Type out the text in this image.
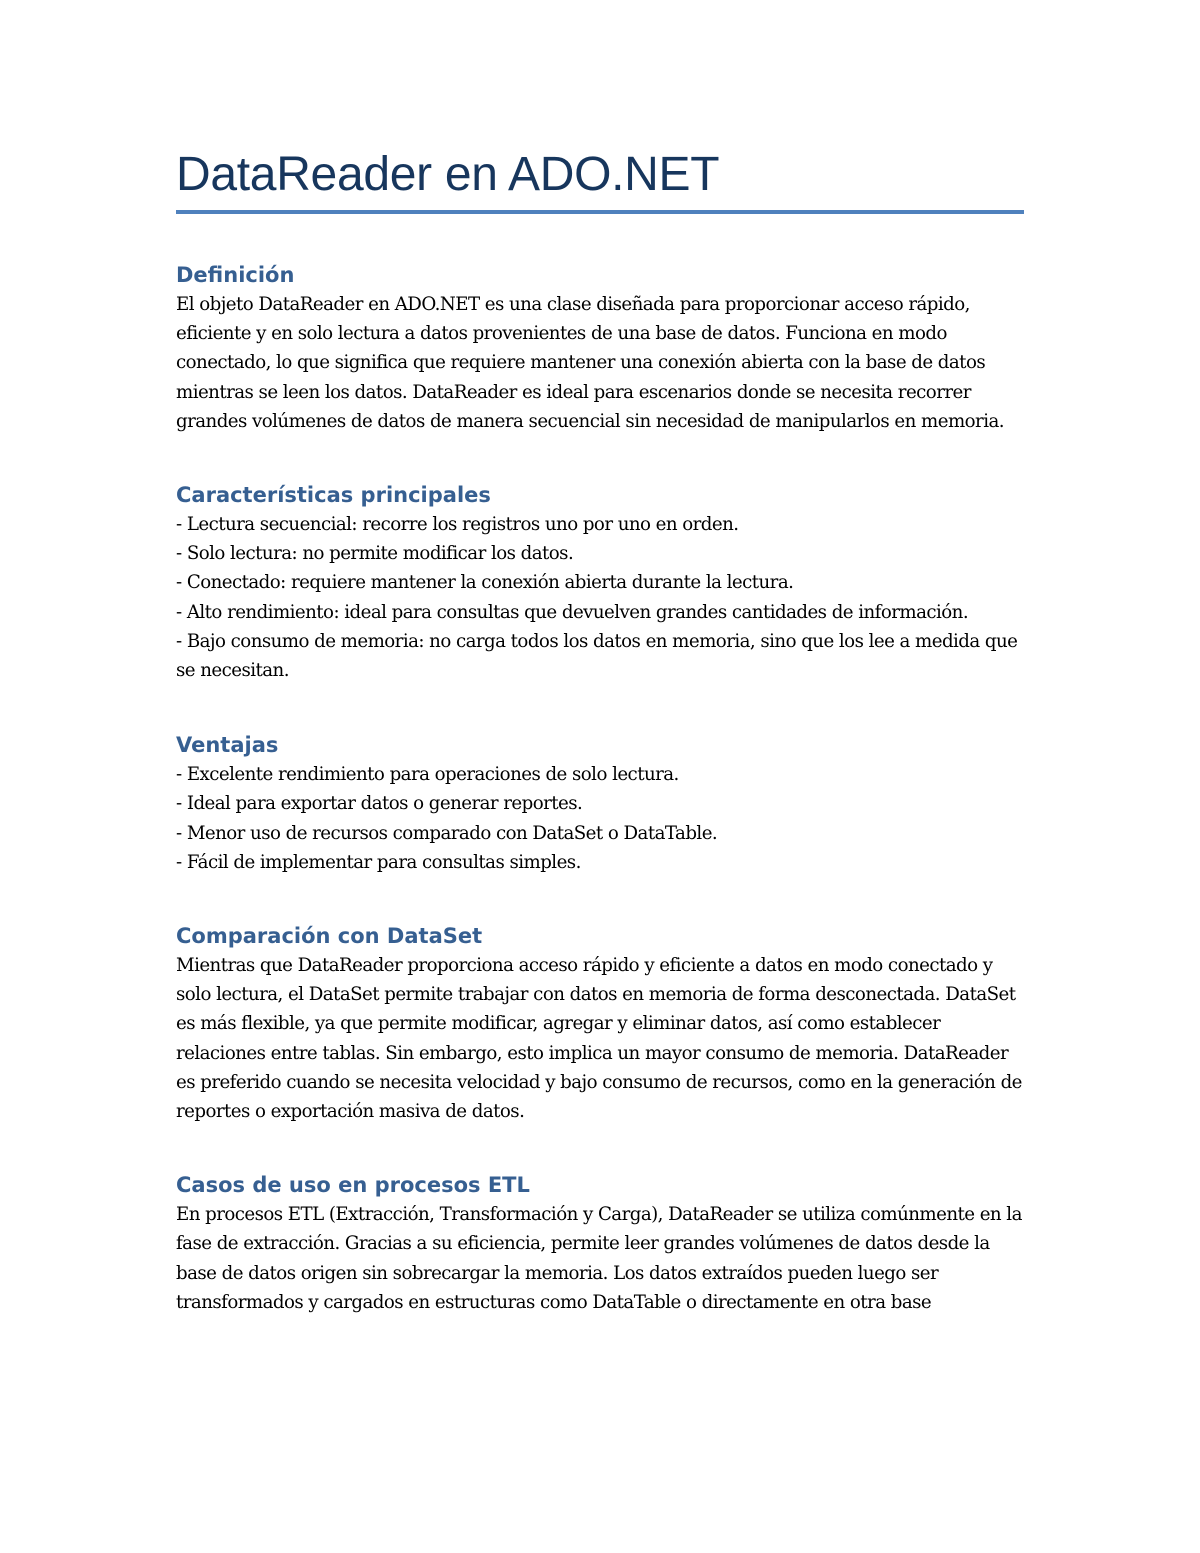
DataReader en ADO.NET
Definición

El objeto DataReader en ADO.NET es una clase diseñada para proporcionar acceso rápido, eficiente y en solo lectura a datos provenientes de una base de datos. Funciona en modo conectado, lo que significa que requiere mantener una conexión abierta con la base de datos mientras se leen los datos. DataReader es ideal para escenarios donde se necesita recorrer grandes volúmenes de datos de manera secuencial sin necesidad de manipularlos en memoria.

Características principales
- Lectura secuencial: recorre los registros uno por uno en orden.
- Solo lectura: no permite modificar los datos.
- Conectado: requiere mantener la conexión abierta durante la lectura.
- Alto rendimiento: ideal para consultas que devuelven grandes cantidades de información.
- Bajo consumo de memoria: no carga todos los datos en memoria, sino que los lee a medida que se necesitan.
Ventajas
- Excelente rendimiento para operaciones de solo lectura.
- Ideal para exportar datos o generar reportes.
- Menor uso de recursos comparado con DataSet o DataTable.
- Fácil de implementar para consultas simples.
Comparación con DataSet

Mientras que DataReader proporciona acceso rápido y eficiente a datos en modo conectado y solo lectura, el DataSet permite trabajar con datos en memoria de forma desconectada. DataSet es más flexible, ya que permite modificar, agregar y eliminar datos, así como establecer relaciones entre tablas. Sin embargo, esto implica un mayor consumo de memoria. DataReader es preferido cuando se necesita velocidad y bajo consumo de recursos, como en la generación de reportes o exportación masiva de datos.

Casos de uso en procesos ETL

En procesos ETL (Extracción, Transformación y Carga), DataReader se utiliza comúnmente en la fase de extracción. Gracias a su eficiencia, permite leer grandes volúmenes de datos desde la base de datos origen sin sobrecargar la memoria. Los datos extraídos pueden luego ser transformados y cargados en estructuras como DataTable o directamente en otra base
